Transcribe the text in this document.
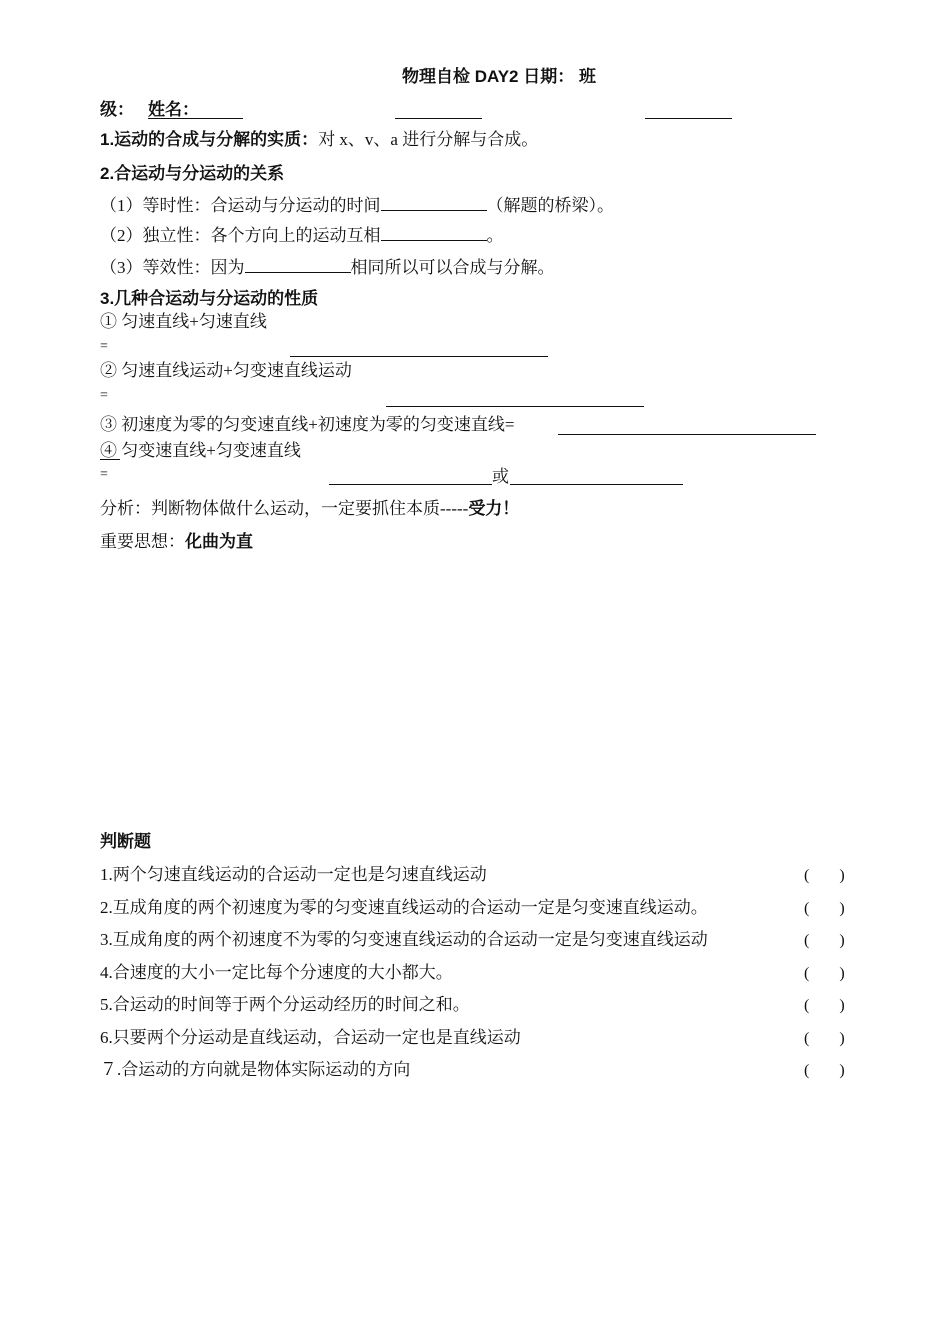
物理自检 DAY2 日期： 班
级： 姓名：
1.运动的合成与分解的实质：对 x、v、a 进行分解与合成。
2.合运动与分运动的关系
（1）等时性：合运动与分运动的时间	（解题的桥梁）。
（2）独立性：各个方向上的运动互相	。
（3）等效性：因为	相同所以可以合成与分解。
3.几种合运动与分运动的性质
① 匀速直线+匀速直线
=
② 匀速直线运动+匀变速直线运动
=
③ 初速度为零的匀变速直线+初速度为零的匀变速直线=
④ 匀变速直线+匀变速直线
=	或
分析：判断物体做什么运动，一定要抓住本质-----受力！
重要思想：化曲为直
判断题
1.两个匀速直线运动的合运动一定也是匀速直线运动	( )
2.互成角度的两个初速度为零的匀变速直线运动的合运动一定是匀变速直线运动。	( )
3.互成角度的两个初速度不为零的匀变速直线运动的合运动一定是匀变速直线运动	( )
4.合速度的大小一定比每个分速度的大小都大。	( )
5.合运动的时间等于两个分运动经历的时间之和。	( )
6.只要两个分运动是直线运动，合运动一定也是直线运动	( )
７.合运动的方向就是物体实际运动的方向	( )
